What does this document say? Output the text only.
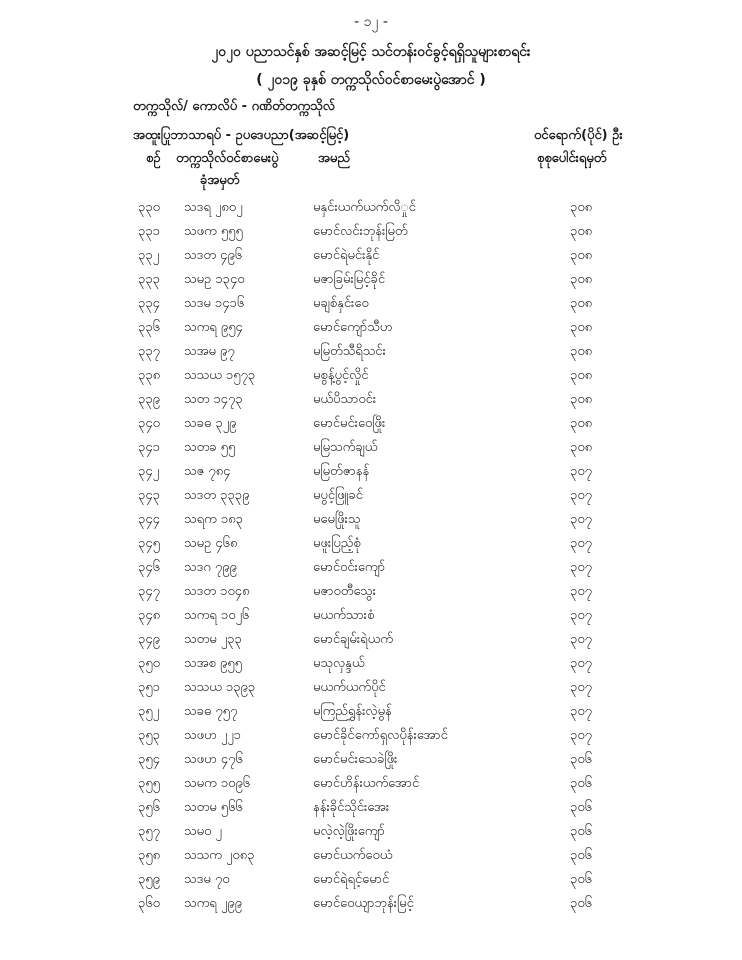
- ၁၂ -
၂၀၂၀ ပညာသင်နှစ် အဆင့်မြင့် သင်တန်းဝင်ခွင့်ရရှိသူများစာရင်း
( ၂၀၁၉ ခုနှစ် တက္ကသိုလ်ဝင်စာမေးပွဲအောင် )
တက္ကသိုလ်/ ကောလိပ် - ဂဏိတ်တက္ကသိုလ်
အထူးပြုဘာသာရပ် - ဥပဒေပညာ(အဆင့်မြင့်)	ဝင်ရောက်(ပိုင်) ဦး
စဉ် တက္ကသိုလ်ဝင်စာမေးပွဲ
ခုံအမှတ်
အမည်	စုစုပေါင်းရမှတ်
၃၃၀ သဒရ ၂၈၀၂	မနှင်းယက်ယက်လိှုင်	၃၀၈
၃၃၁ သဖက ၅၅၅	မောင်လင်းဘုန်းမြတ်	၃၀၈
၃၃၂ သဒတ ၄၉၆	မောင်ရဲမင်းနိုင်	၃၀၈
၃၃၃ သမဥ ၁၃၄၀	မဇာခြမ်းမြင့်ခိုင်	၃၀၈
၃၃၄ သဒမ ၁၄၁၆	မချစ်နှင်းဝေ	၃၀၈
၃၃၆ သကရ ၉၅၄	မောင်ကျော်သီဟ	၃၀၈
၃၃၇ သအမ ၉၇	မမြတ်သီရိသင်း	၃၀၈
၃၃၈ သသယ ၁၅၇၃	မစွန့်ပွင့်လှိုင်	၃၀၈
၃၃၉ သတ ၁၄၇၃	မယ်ပိသာဝင်း	၃၀၈
၃၄၀ သခဓ ၃၂၉	မောင်မင်းဝေဖြိုး	၃၀၈
၃၄၁ သတခ ၅၅	မမြသက်ချယ်	၃၀၈
၃၄၂ သဇ ၇၈၄	မမြတ်ဇာနန်	၃၀၇
၃၄၃ သဒတ ၃၃၃၉	မပွင့်ဖြူခင်	၃၀၇
၃၄၄ သရက ၁၈၃	မမေဖြိုးသူ	၃၀၇
၃၄၅ သမဥ ၄၆၈	မဖူးပြည့်စုံ	၃၀၇
၃၄၆ သဒဂ ၇၉၉	မောင်ဝင်းကျော်	၃၀၇
၃၄၇ သဒတ ၁၀၄၈	မဇာဝတီသွေး	၃၀၇
၃၄၈ သကရ ၁၀၂၆	မယက်သားစံ	၃၀၇
၃၄၉ သတမ ၂၃၃	မောင်ချမ်းရဲယက်	၃၀၇
၃၅၀ သအစ ၉၅၅	မသုလှန္ဒယ်	၃၀၇
၃၅၁ သသယ ၁၃၉၃	မယက်ယက်ပိုင်	၃၀၇
၃၅၂ သခဓ ၇၅၇	မကြည်ရွှန်းလဲ့မွန်	၃၀၇
၃၅၃ သဖဟ ၂၂၁	မောင်ခိုင်ကော်ရှလပိုန်းအောင်	၃၀၇
၃၅၄ သဖဟ ၄၇၆	မောင်မင်းသေခဲဖြိုး	၃၀၆
၃၅၅ သမက ၁၀၉၆	မောင်ဟိန်းယက်အောင်	၃၀၆
၃၅၆ သတမ ၅၆၆	နန်းခိုင်သိုင်းအေး	၃၀၆
၃၅၇ သမဝ ၂	မလဲ့လဲ့ဖြိုးကျော်	၃၀၆
၃၅၈ သသက ၂၀၈၃	မောင်ယက်ဝေယံ	၃၀၆
၃၅၉ သဒမ ၇၀	မောင်ရဲရင့်မောင်	၃၀၆
၃၆၀ သကရ ၂၉၉	မောင်ဝေယျာဘုန်းမြင့်	၃၀၆
